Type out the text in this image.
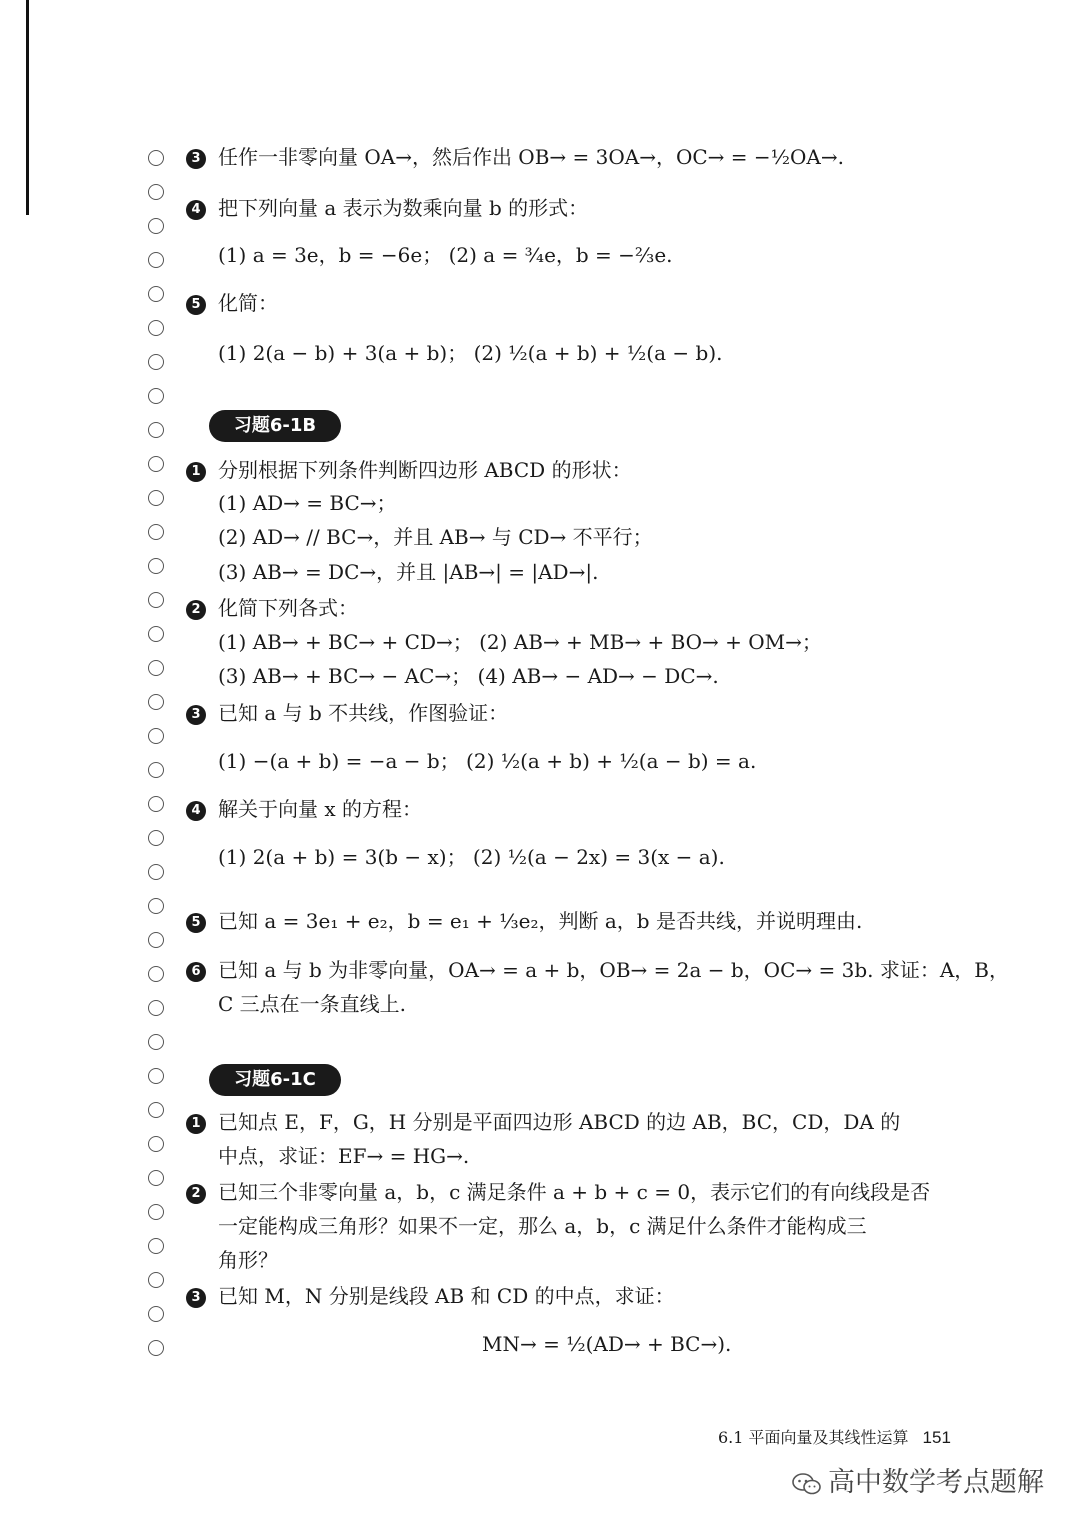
3 任作一非零向量 OA→，然后作出 OB→ = 3OA→，OC→ = −½OA→.
4 把下列向量 a 表示为数乘向量 b 的形式：
(1) a = 3e，b = −6e； (2) a = ¾e，b = −⅔e.
5 化简：
(1) 2(a − b) + 3(a + b)； (2) ½(a + b) + ½(a − b).
习题6-1B
1 分别根据下列条件判断四边形 ABCD 的形状：
(1) AD→ = BC→；
(2) AD→ // BC→，并且 AB→ 与 CD→ 不平行；
(3) AB→ = DC→，并且 |AB→| = |AD→|.
2 化简下列各式：
(1) AB→ + BC→ + CD→； (2) AB→ + MB→ + BO→ + OM→；
(3) AB→ + BC→ − AC→； (4) AB→ − AD→ − DC→.
3 已知 a 与 b 不共线，作图验证：
(1) −(a + b) = −a − b； (2) ½(a + b) + ½(a − b) = a.
4 解关于向量 x 的方程：
(1) 2(a + b) = 3(b − x)； (2) ½(a − 2x) = 3(x − a).
5 已知 a = 3e₁ + e₂，b = e₁ + ⅓e₂，判断 a，b 是否共线，并说明理由.
6 已知 a 与 b 为非零向量，OA→ = a + b，OB→ = 2a − b，OC→ = 3b. 求证：A，B，
C 三点在一条直线上.
习题6-1C
1 已知点 E，F，G，H 分别是平面四边形 ABCD 的边 AB，BC，CD，DA 的
中点，求证：EF→ = HG→.
2 已知三个非零向量 a，b，c 满足条件 a + b + c = 0，表示它们的有向线段是否
一定能构成三角形？如果不一定，那么 a，b，c 满足什么条件才能构成三
角形？
3 已知 M，N 分别是线段 AB 和 CD 的中点，求证：
MN→ = ½(AD→ + BC→).
6.1 平面向量及其线性运算 151
高中数学考点题解
